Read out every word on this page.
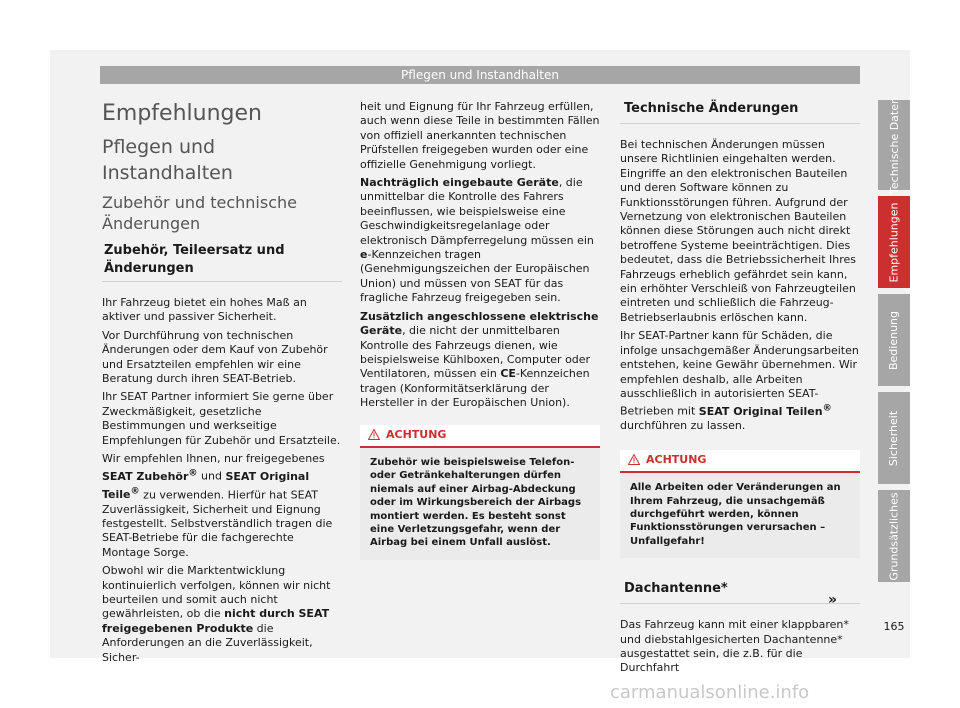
Pflegen und Instandhalten
Empfehlungen
Pflegen und Instandhalten
Zubehör und technische Änderungen
Zubehör, Teileersatz und Änderungen

Ihr Fahrzeug bietet ein hohes Maß an aktiver und passiver Sicherheit.

Vor Durchführung von technischen Änderungen oder dem Kauf von Zubehör und Ersatzteilen empfehlen wir eine Beratung durch ihren SEAT-Betrieb.

Ihr SEAT Partner informiert Sie gerne über Zweckmäßigkeit, gesetzliche Bestimmungen und werkseitige Empfehlungen für Zubehör und Ersatzteile.

Wir empfehlen Ihnen, nur freigegebenes SEAT Zubehör® und SEAT Original Teile® zu verwenden. Hierfür hat SEAT Zuverlässigkeit, Sicherheit und Eignung festgestellt. Selbstverständlich tragen die SEAT-Betriebe für die fachgerechte Montage Sorge.

Obwohl wir die Marktentwicklung kontinuierlich verfolgen, können wir nicht beurteilen und somit auch nicht gewährleisten, ob die nicht durch SEAT freigegebenen Produkte die Anforderungen an die Zuverlässigkeit, Sicher-

heit und Eignung für Ihr Fahrzeug erfüllen, auch wenn diese Teile in bestimmten Fällen von offiziell anerkannten technischen Prüfstellen freigegeben wurden oder eine offizielle Genehmigung vorliegt.

Nachträglich eingebaute Geräte, die unmittelbar die Kontrolle des Fahrers beeinflussen, wie beispielsweise eine Geschwindigkeitsregelanlage oder elektronisch Dämpferregelung müssen ein e-Kennzeichen tragen (Genehmigungszeichen der Europäischen Union) und müssen von SEAT für das fragliche Fahrzeug freigegeben sein.

Zusätzlich angeschlossene elektrische Geräte, die nicht der unmittelbaren Kontrolle des Fahrzeugs dienen, wie beispielsweise Kühlboxen, Computer oder Ventilatoren, müssen ein CE-Kennzeichen tragen (Konformitätserklärung der Hersteller in der Europäischen Union).

ACHTUNG
Zubehör wie beispielsweise Telefon- oder Getränkehalterungen dürfen niemals auf einer Airbag-Abdeckung oder im Wirkungsbereich der Airbags montiert werden. Es besteht sonst eine Verletzungsgefahr, wenn der Airbag bei einem Unfall auslöst.
Technische Änderungen

Bei technischen Änderungen müssen unsere Richtlinien eingehalten werden. Eingriffe an den elektronischen Bauteilen und deren Software können zu Funktionsstörungen führen. Aufgrund der Vernetzung von elektronischen Bauteilen können diese Störungen auch nicht direkt betroffene Systeme beeinträchtigen. Dies bedeutet, dass die Betriebssicherheit Ihres Fahrzeugs erheblich gefährdet sein kann, ein erhöhter Verschleiß von Fahrzeugteilen eintreten und schließlich die Fahrzeug-Betriebserlaubnis erlöschen kann.

Ihr SEAT-Partner kann für Schäden, die infolge unsachgemäßer Änderungsarbeiten entstehen, keine Gewähr übernehmen. Wir empfehlen deshalb, alle Arbeiten ausschließlich in autorisierten SEAT-Betrieben mit SEAT Original Teilen® durchführen zu lassen.

ACHTUNG
Alle Arbeiten oder Veränderungen an Ihrem Fahrzeug, die unsachgemäß durchgeführt werden, können Funktionsstörungen verursachen – Unfallgefahr!
Dachantenne*

Das Fahrzeug kann mit einer klappbaren* und diebstahlgesicherten Dachantenne* ausgestattet sein, die z.B. für die Durchfahrt

»
Technische Daten
Empfehlungen
Bedienung
Sicherheit
Grundsätzliches
165
carmanualsonline.info
